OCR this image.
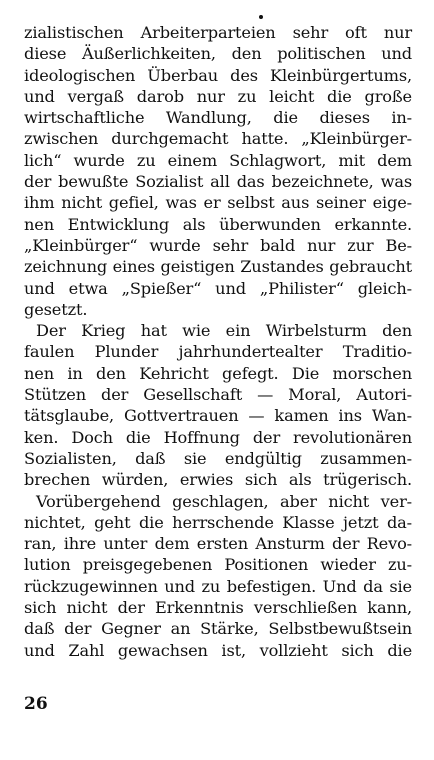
zialistischen Arbeiterparteien sehr oft nur
diese Äußerlichkeiten, den politischen und
ideologischen Überbau des Kleinbürgertums,
und vergaß darob nur zu leicht die große
wirtschaftliche Wandlung, die dieses in-
zwischen durchgemacht hatte. „Kleinbürger-
lich“ wurde zu einem Schlagwort, mit dem
der bewußte Sozialist all das bezeichnete, was
ihm nicht gefiel, was er selbst aus seiner eige-
nen Entwicklung als überwunden erkannte.
„Kleinbürger“ wurde sehr bald nur zur Be-
zeichnung eines geistigen Zustandes gebraucht
und etwa „Spießer“ und „Philister“ gleich-
gesetzt.
Der Krieg hat wie ein Wirbelsturm den
faulen Plunder jahrhundertealter Traditio-
nen in den Kehricht gefegt. Die morschen
Stützen der Gesellschaft — Moral, Autori-
tätsglaube, Gottvertrauen — kamen ins Wan-
ken. Doch die Hoffnung der revolutionären
Sozialisten, daß sie endgültig zusammen-
brechen würden, erwies sich als trügerisch.
Vorübergehend geschlagen, aber nicht ver-
nichtet, geht die herrschende Klasse jetzt da-
ran, ihre unter dem ersten Ansturm der Revo-
lution preisgegebenen Positionen wieder zu-
rückzugewinnen und zu befestigen. Und da sie
sich nicht der Erkenntnis verschließen kann,
daß der Gegner an Stärke, Selbstbewußtsein
und Zahl gewachsen ist, vollzieht sich die
26
